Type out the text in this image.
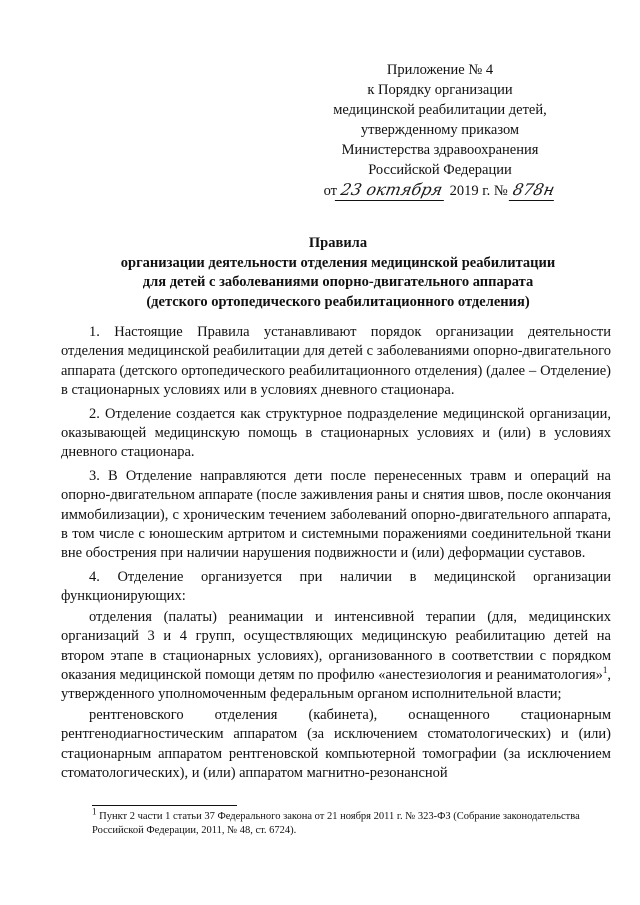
Приложение № 4
к Порядку организации
медицинской реабилитации детей,
утвержденному приказом
Министерства здравоохранения
Российской Федерации
от 23 октября 2019 г. № 878н
Правила
организации деятельности отделения медицинской реабилитации
для детей с заболеваниями опорно-двигательного аппарата
(детского ортопедического реабилитационного отделения)

1. Настоящие Правила устанавливают порядок организации деятельности отделения медицинской реабилитации для детей с заболеваниями опорно-двигательного аппарата (детского ортопедического реабилитационного отделения) (далее – Отделение) в стационарных условиях или в условиях дневного стационара.

2. Отделение создается как структурное подразделение медицинской организации, оказывающей медицинскую помощь в стационарных условиях и (или) в условиях дневного стационара.

3. В Отделение направляются дети после перенесенных травм и операций на опорно-двигательном аппарате (после заживления раны и снятия швов, после окончания иммобилизации), с хроническим течением заболеваний опорно-двигательного аппарата, в том числе с юношеским артритом и системными поражениями соединительной ткани вне обострения при наличии нарушения подвижности и (или) деформации суставов.

4. Отделение организуется при наличии в медицинской организации функционирующих:

отделения (палаты) реанимации и интенсивной терапии (для, медицинских организаций 3 и 4 групп, осуществляющих медицинскую реабилитацию детей на втором этапе в стационарных условиях), организованного в соответствии с порядком оказания медицинской помощи детям по профилю «анестезиология и реаниматология»$^1$, утвержденного уполномоченным федеральным органом исполнительной власти;

рентгеновского отделения (кабинета), оснащенного стационарным рентгенодиагностическим аппаратом (за исключением стоматологических) и (или) стационарным аппаратом рентгеновской компьютерной томографии (за исключением стоматологических), и (или) аппаратом магнитно-резонансной

$^1$ Пункт 2 части 1 статьи 37 Федерального закона от 21 ноября 2011 г. № 323-ФЗ (Собрание законодательства Российской Федерации, 2011, № 48, ст. 6724).
